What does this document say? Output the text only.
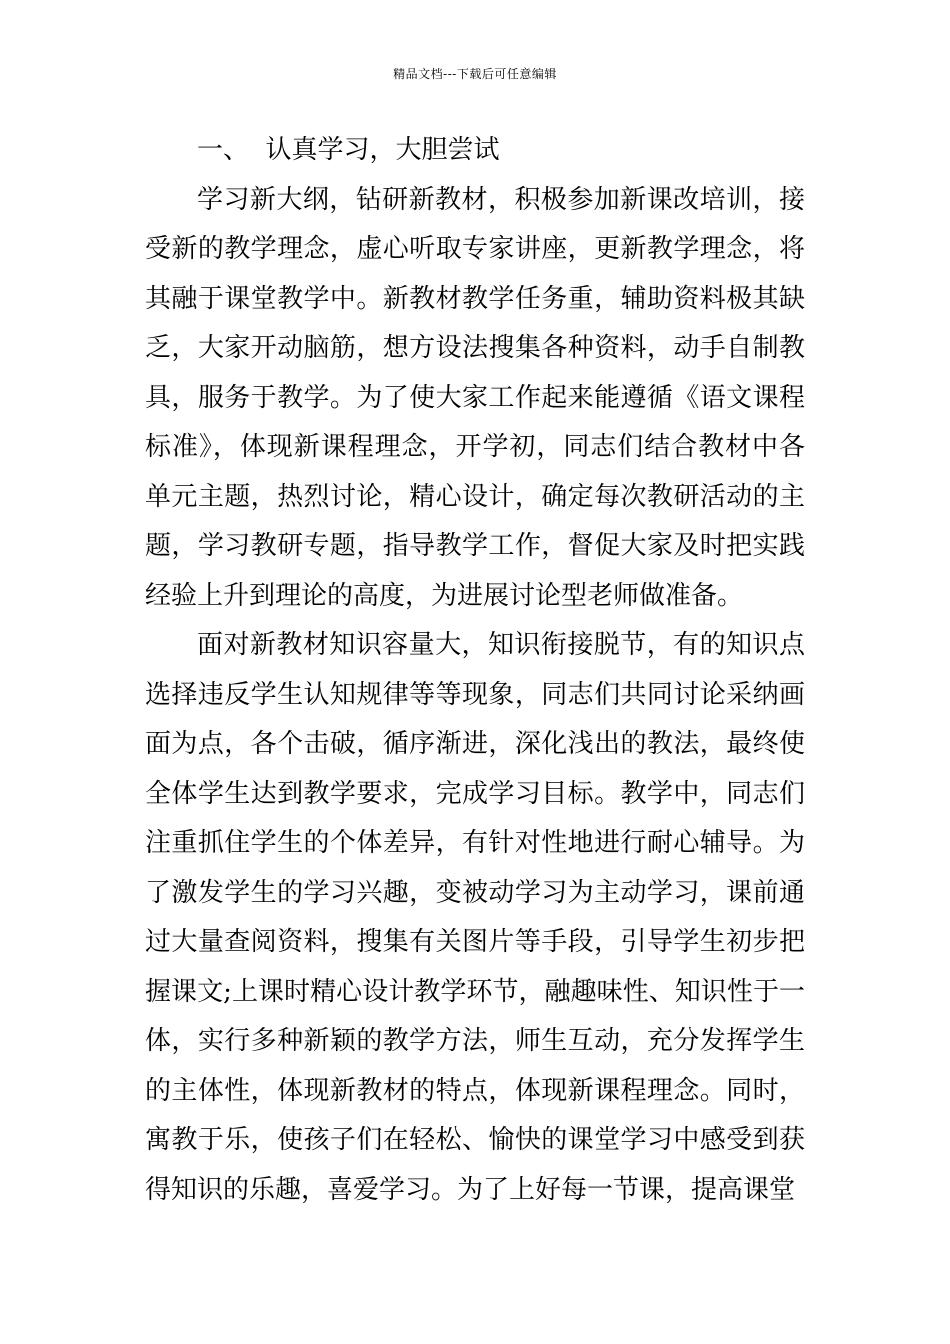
精品文档---下载后可任意编辑

一、  认真学习，大胆尝试

学习新大纲，钻研新教材，积极参加新课改培训，接受新的教学理念，虚心听取专家讲座，更新教学理念，将其融于课堂教学中。新教材教学任务重，辅助资料极其缺乏，大家开动脑筋，想方设法搜集各种资料，动手自制教具，服务于教学。为了使大家工作起来能遵循《语文课程标准》，体现新课程理念，开学初，同志们结合教材中各单元主题，热烈讨论，精心设计，确定每次教研活动的主题，学习教研专题，指导教学工作，督促大家及时把实践经验上升到理论的高度，为进展讨论型老师做准备。

面对新教材知识容量大，知识衔接脱节，有的知识点选择违反学生认知规律等等现象，同志们共同讨论采纳画面为点，各个击破，循序渐进，深化浅出的教法，最终使全体学生达到教学要求，完成学习目标。教学中，同志们注重抓住学生的个体差异，有针对性地进行耐心辅导。为了激发学生的学习兴趣，变被动学习为主动学习，课前通过大量查阅资料，搜集有关图片等手段，引导学生初步把握课文;上课时精心设计教学环节，融趣味性、知识性于一体，实行多种新颖的教学方法，师生互动，充分发挥学生的主体性，体现新教材的特点，体现新课程理念。同时，寓教于乐，使孩子们在轻松、愉快的课堂学习中感受到获得知识的乐趣，喜爱学习。为了上好每一节课，提高课堂
